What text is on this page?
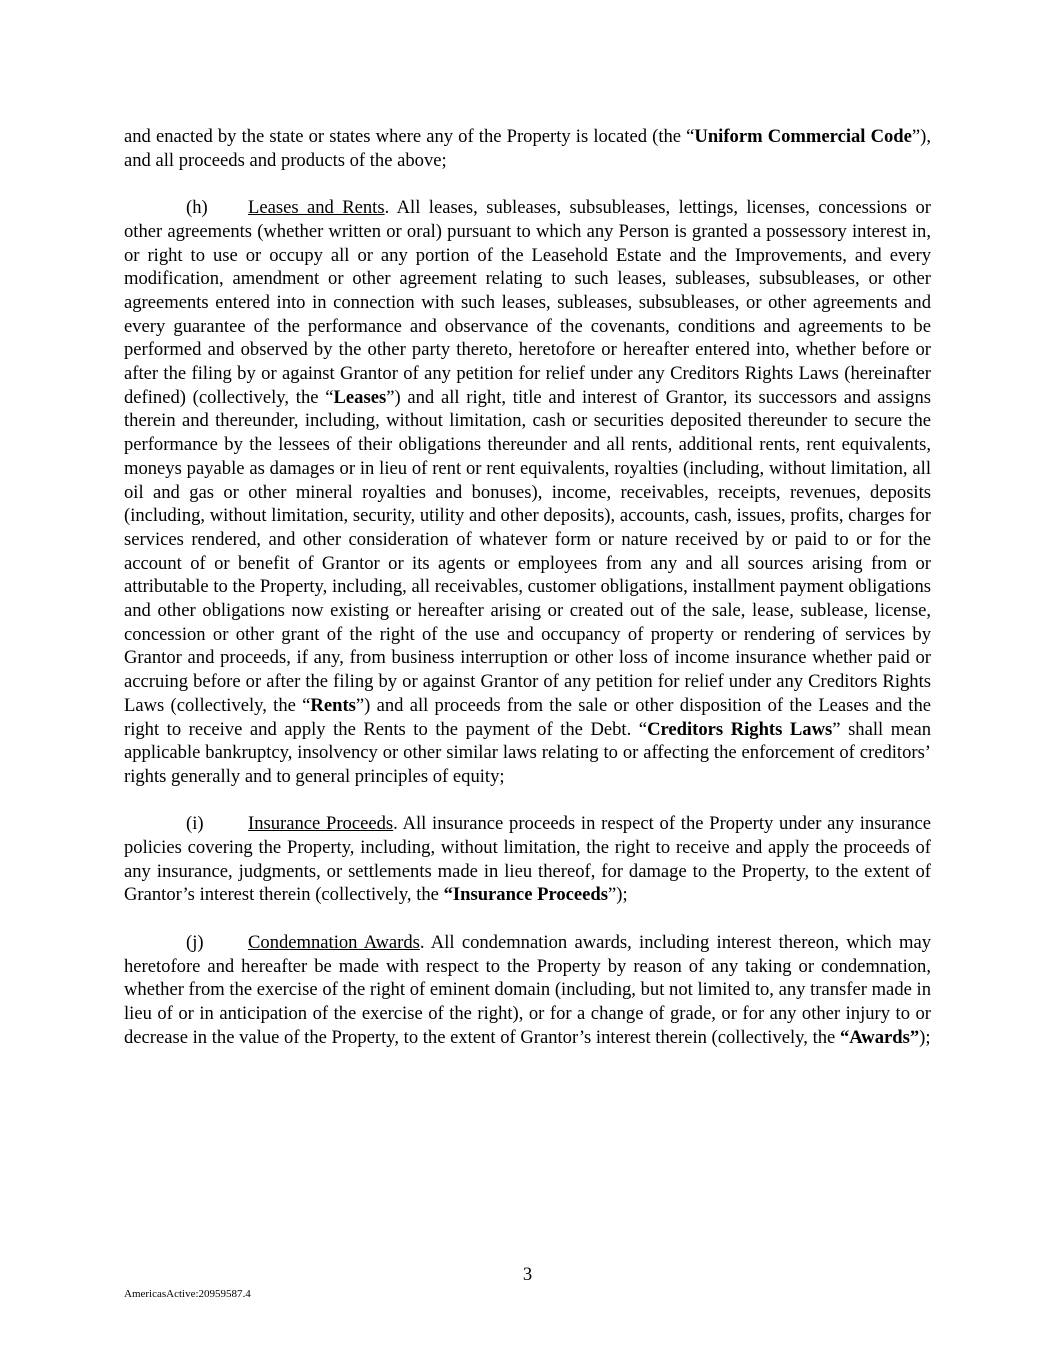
and enacted by the state or states where any of the Property is located (the “Uniform Commercial Code”), and all proceeds and products of the above;

(h) Leases and Rents. All leases, subleases, subsubleases, lettings, licenses, concessions or other agreements (whether written or oral) pursuant to which any Person is granted a possessory interest in, or right to use or occupy all or any portion of the Leasehold Estate and the Improvements, and every modification, amendment or other agreement relating to such leases, subleases, subsubleases, or other agreements entered into in connection with such leases, subleases, subsubleases, or other agreements and every guarantee of the performance and observance of the covenants, conditions and agreements to be performed and observed by the other party thereto, heretofore or hereafter entered into, whether before or after the filing by or against Grantor of any petition for relief under any Creditors Rights Laws (hereinafter defined) (collectively, the “Leases”) and all right, title and interest of Grantor, its successors and assigns therein and thereunder, including, without limitation, cash or securities deposited thereunder to secure the performance by the lessees of their obligations thereunder and all rents, additional rents, rent equivalents, moneys payable as damages or in lieu of rent or rent equivalents, royalties (including, without limitation, all oil and gas or other mineral royalties and bonuses), income, receivables, receipts, revenues, deposits (including, without limitation, security, utility and other deposits), accounts, cash, issues, profits, charges for services rendered, and other consideration of whatever form or nature received by or paid to or for the account of or benefit of Grantor or its agents or employees from any and all sources arising from or attributable to the Property, including, all receivables, customer obligations, installment payment obligations and other obligations now existing or hereafter arising or created out of the sale, lease, sublease, license, concession or other grant of the right of the use and occupancy of property or rendering of services by Grantor and proceeds, if any, from business interruption or other loss of income insurance whether paid or accruing before or after the filing by or against Grantor of any petition for relief under any Creditors Rights Laws (collectively, the “Rents”) and all proceeds from the sale or other disposition of the Leases and the right to receive and apply the Rents to the payment of the Debt. “Creditors Rights Laws” shall mean applicable bankruptcy, insolvency or other similar laws relating to or affecting the enforcement of creditors’ rights generally and to general principles of equity;

(i) Insurance Proceeds. All insurance proceeds in respect of the Property under any insurance policies covering the Property, including, without limitation, the right to receive and apply the proceeds of any insurance, judgments, or settlements made in lieu thereof, for damage to the Property, to the extent of Grantor’s interest therein (collectively, the “Insurance Proceeds”);

(j) Condemnation Awards. All condemnation awards, including interest thereon, which may heretofore and hereafter be made with respect to the Property by reason of any taking or condemnation, whether from the exercise of the right of eminent domain (including, but not limited to, any transfer made in lieu of or in anticipation of the exercise of the right), or for a change of grade, or for any other injury to or decrease in the value of the Property, to the extent of Grantor’s interest therein (collectively, the “Awards”);

3
AmericasActive:20959587.4
